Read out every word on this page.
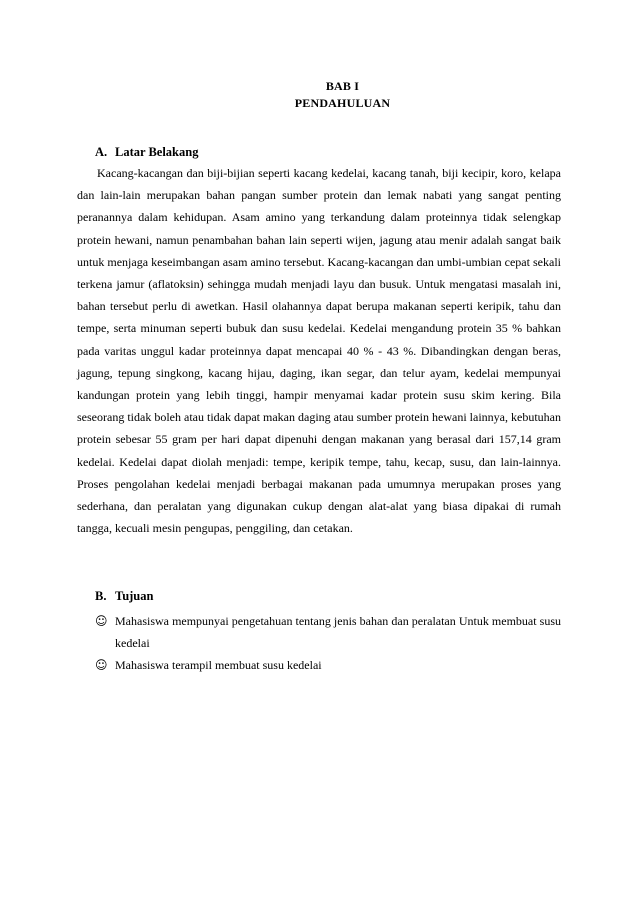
BAB I
PENDAHULUAN
A. Latar Belakang

Kacang-kacangan dan biji-bijian seperti kacang kedelai, kacang tanah, biji kecipir, koro, kelapa dan lain-lain merupakan bahan pangan sumber protein dan lemak nabati yang sangat penting peranannya dalam kehidupan. Asam amino yang terkandung dalam proteinnya tidak selengkap protein hewani, namun penambahan bahan lain seperti wijen, jagung atau menir adalah sangat baik untuk menjaga keseimbangan asam amino tersebut. Kacang-kacangan dan umbi-umbian cepat sekali terkena jamur (aflatoksin) sehingga mudah menjadi layu dan busuk. Untuk mengatasi masalah ini, bahan tersebut perlu di awetkan. Hasil olahannya dapat berupa makanan seperti keripik, tahu dan tempe, serta minuman seperti bubuk dan susu kedelai. Kedelai mengandung protein 35 % bahkan pada varitas unggul kadar proteinnya dapat mencapai 40 % - 43 %. Dibandingkan dengan beras, jagung, tepung singkong, kacang hijau, daging, ikan segar, dan telur ayam, kedelai mempunyai kandungan protein yang lebih tinggi, hampir menyamai kadar protein susu skim kering. Bila seseorang tidak boleh atau tidak dapat makan daging atau sumber protein hewani lainnya, kebutuhan protein sebesar 55 gram per hari dapat dipenuhi dengan makanan yang berasal dari 157,14 gram kedelai. Kedelai dapat diolah menjadi: tempe, keripik tempe, tahu, kecap, susu, dan lain-lainnya. Proses pengolahan kedelai menjadi berbagai makanan pada umumnya merupakan proses yang sederhana, dan peralatan yang digunakan cukup dengan alat-alat yang biasa dipakai di rumah tangga, kecuali mesin pengupas, penggiling, dan cetakan.

B. Tujuan
☺ Mahasiswa mempunyai pengetahuan tentang jenis bahan dan peralatan Untuk membuat susu kedelai
☺ Mahasiswa terampil membuat susu kedelai
